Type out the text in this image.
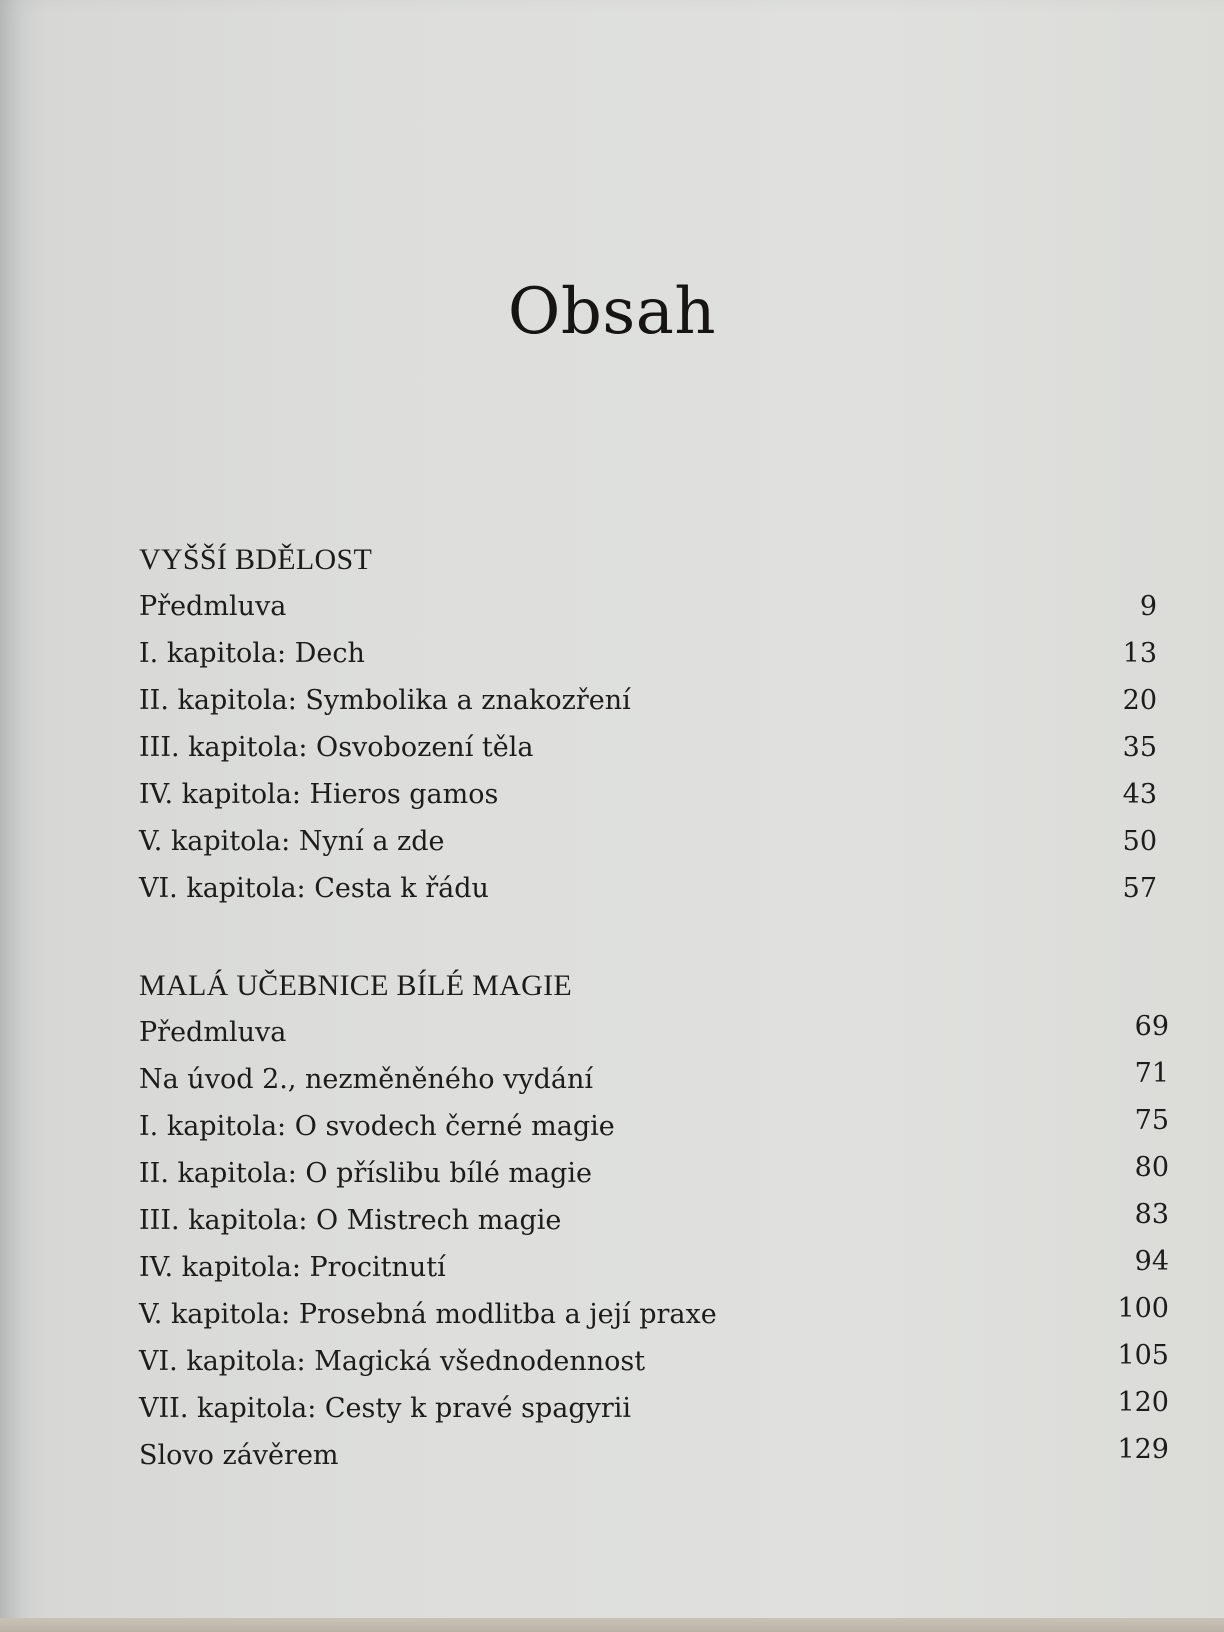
Obsah
VYŠŠÍ BDĚLOST
Předmluva	9
I. kapitola: Dech	13
II. kapitola: Symbolika a znakozření	20
III. kapitola: Osvobození těla	35
IV. kapitola: Hieros gamos	43
V. kapitola: Nyní a zde	50
VI. kapitola: Cesta k řádu	57
MALÁ UČEBNICE BÍLÉ MAGIE
Předmluva	69
Na úvod 2., nezměněného vydání	71
I. kapitola: O svodech černé magie	75
II. kapitola: O příslibu bílé magie	80
III. kapitola: O Mistrech magie	83
IV. kapitola: Procitnutí	94
V. kapitola: Prosebná modlitba a její praxe	100
VI. kapitola: Magická všednodennost	105
VII. kapitola: Cesty k pravé spagyrii	120
Slovo závěrem	129
